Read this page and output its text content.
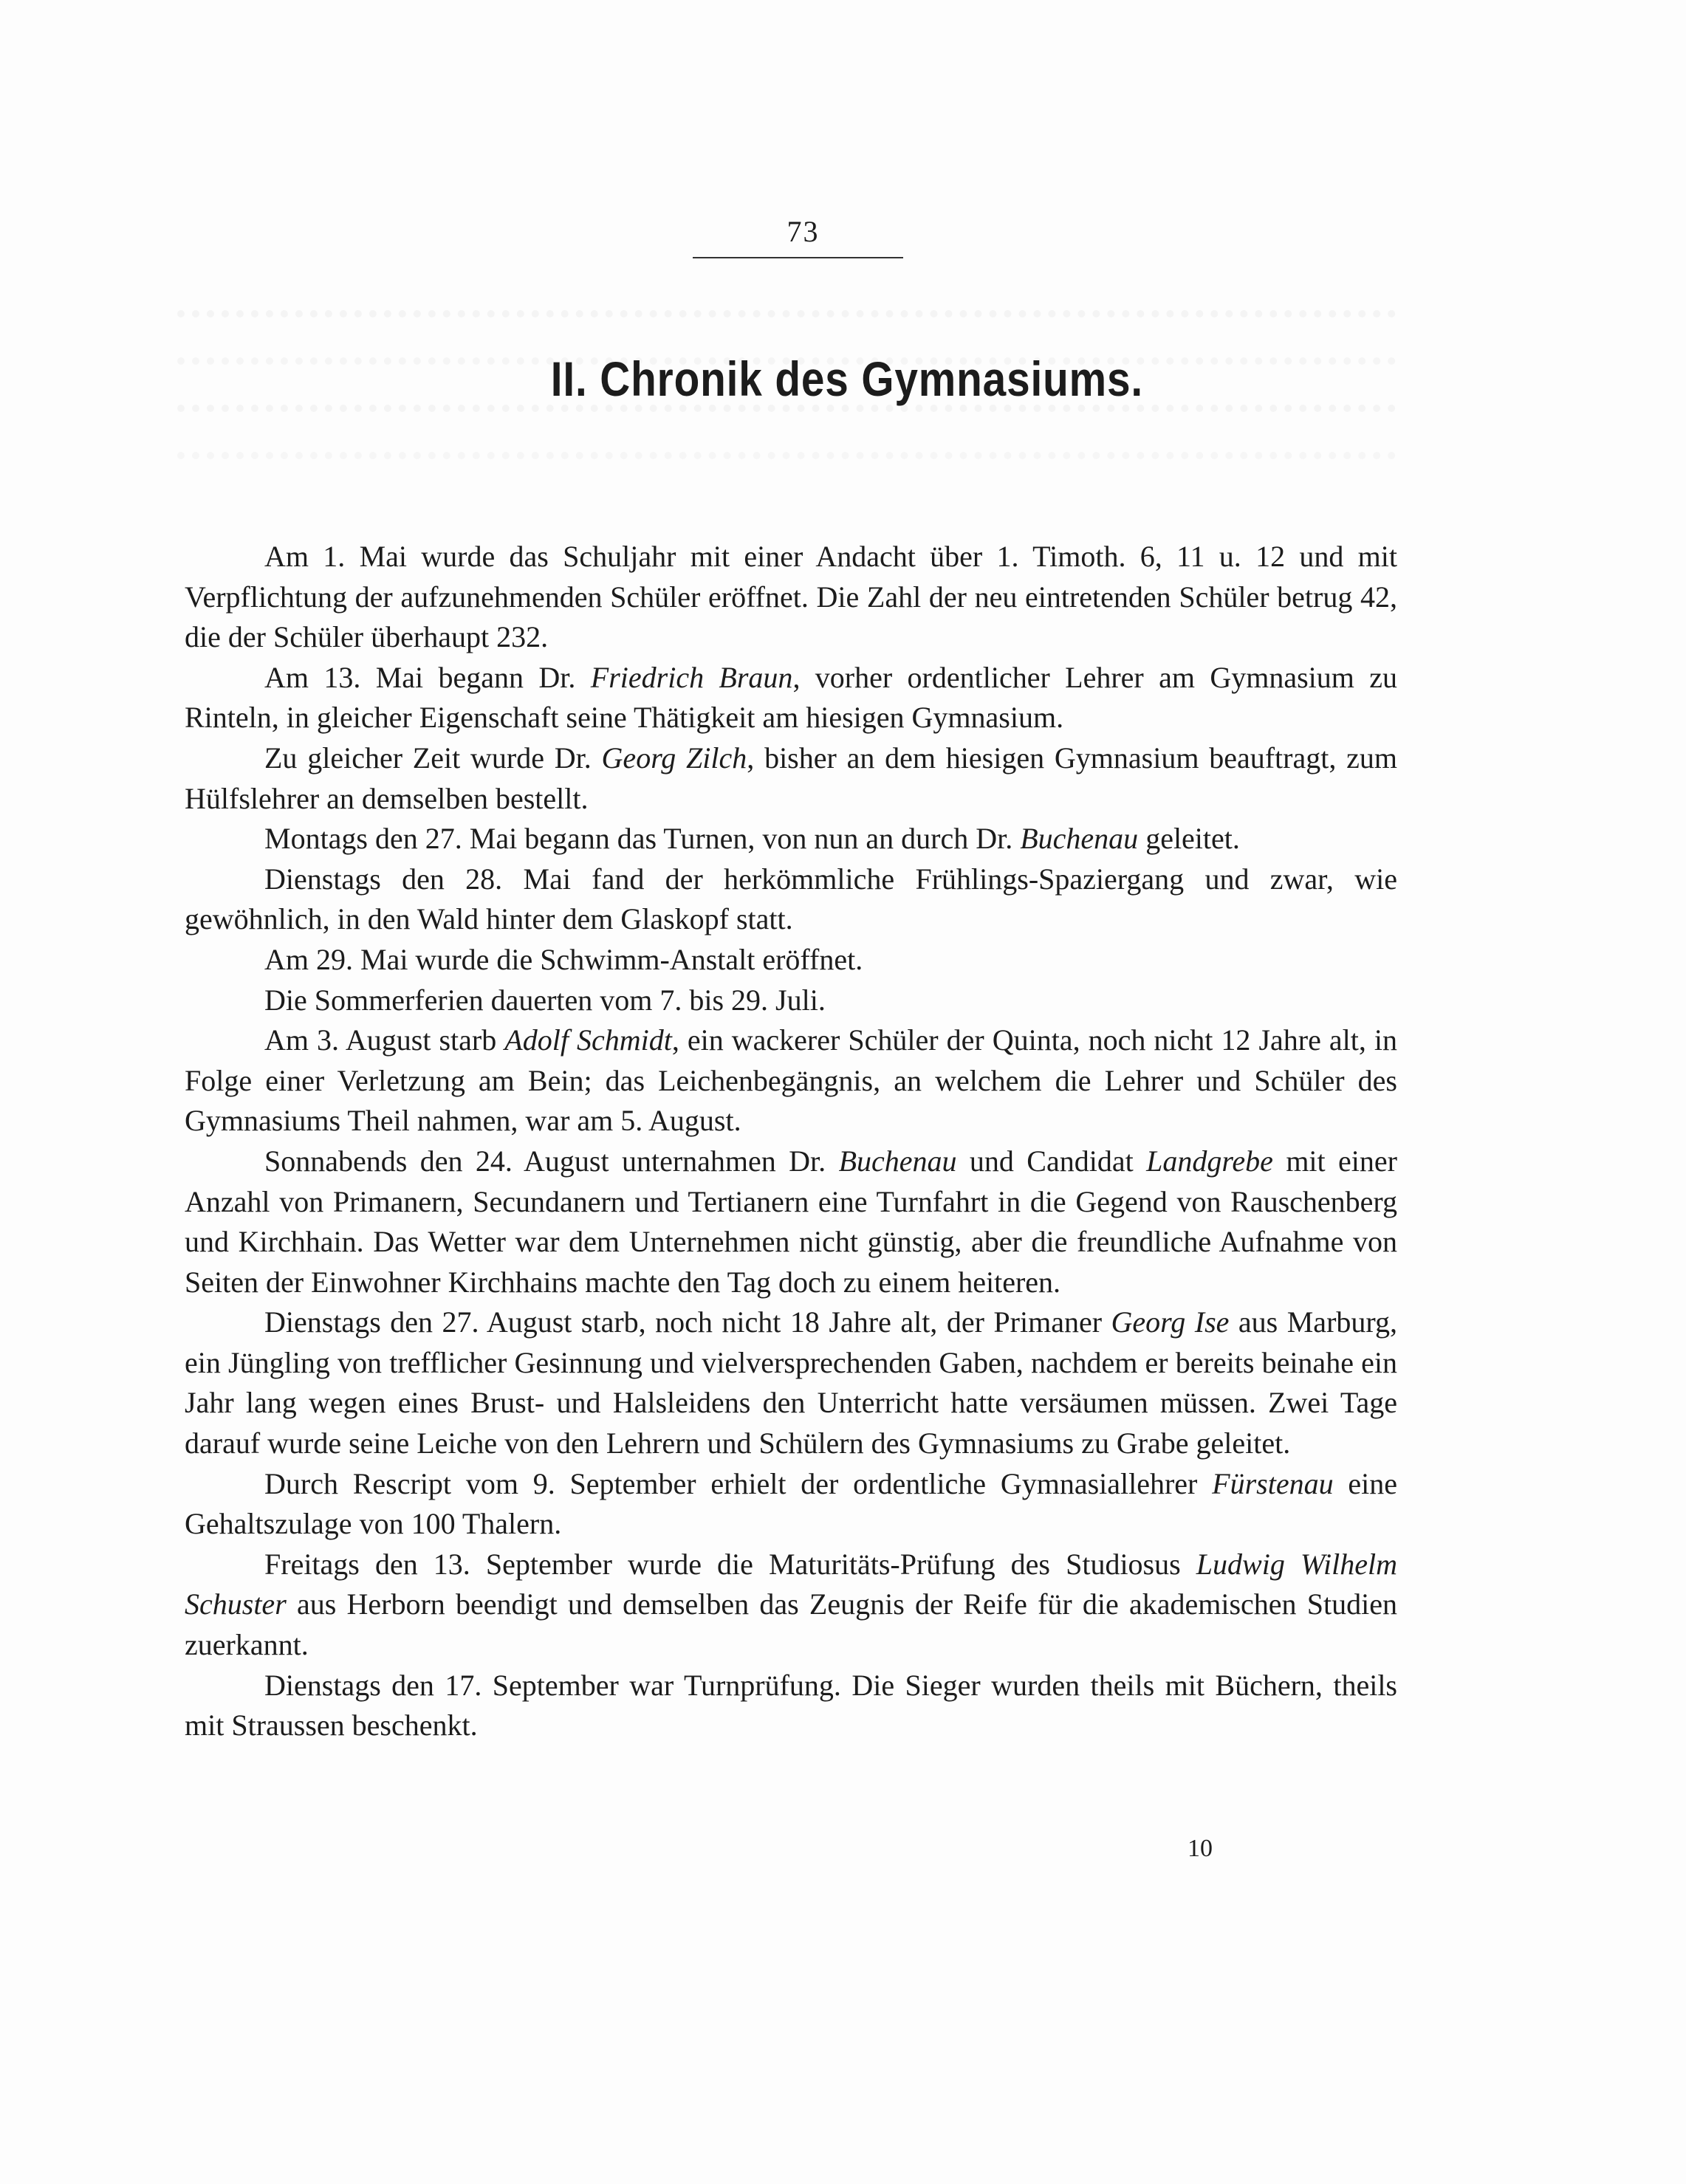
73
II. Chronik des Gymnasiums.

Am 1. Mai wurde das Schuljahr mit einer Andacht über 1. Timoth. 6, 11 u. 12 und mit Verpflichtung der aufzunehmenden Schüler eröffnet. Die Zahl der neu eintretenden Schüler betrug 42, die der Schüler überhaupt 232.

Am 13. Mai begann Dr. Friedrich Braun, vorher ordentlicher Lehrer am Gymnasium zu Rinteln, in gleicher Eigenschaft seine Thätigkeit am hiesigen Gymnasium.

Zu gleicher Zeit wurde Dr. Georg Zilch, bisher an dem hiesigen Gymnasium beauftragt, zum Hülfslehrer an demselben bestellt.

Montags den 27. Mai begann das Turnen, von nun an durch Dr. Buchenau geleitet.

Dienstags den 28. Mai fand der herkömmliche Frühlings-Spaziergang und zwar, wie gewöhnlich, in den Wald hinter dem Glaskopf statt.

Am 29. Mai wurde die Schwimm-Anstalt eröffnet.

Die Sommerferien dauerten vom 7. bis 29. Juli.

Am 3. August starb Adolf Schmidt, ein wackerer Schüler der Quinta, noch nicht 12 Jahre alt, in Folge einer Verletzung am Bein; das Leichenbegängnis, an welchem die Lehrer und Schüler des Gymnasiums Theil nahmen, war am 5. August.

Sonnabends den 24. August unternahmen Dr. Buchenau und Candidat Landgrebe mit einer Anzahl von Primanern, Secundanern und Tertianern eine Turnfahrt in die Gegend von Rauschenberg und Kirchhain. Das Wetter war dem Unternehmen nicht günstig, aber die freundliche Aufnahme von Seiten der Einwohner Kirchhains machte den Tag doch zu einem heiteren.

Dienstags den 27. August starb, noch nicht 18 Jahre alt, der Primaner Georg Ise aus Marburg, ein Jüngling von trefflicher Gesinnung und vielversprechenden Gaben, nachdem er bereits beinahe ein Jahr lang wegen eines Brust- und Halsleidens den Unterricht hatte versäumen müssen. Zwei Tage darauf wurde seine Leiche von den Lehrern und Schülern des Gymnasiums zu Grabe geleitet.

Durch Rescript vom 9. September erhielt der ordentliche Gymnasiallehrer Fürstenau eine Gehaltszulage von 100 Thalern.

Freitags den 13. September wurde die Maturitäts-Prüfung des Studiosus Ludwig Wilhelm Schuster aus Herborn beendigt und demselben das Zeugnis der Reife für die akademischen Studien zuerkannt.

Dienstags den 17. September war Turnprüfung. Die Sieger wurden theils mit Büchern, theils mit Straussen beschenkt.

10
